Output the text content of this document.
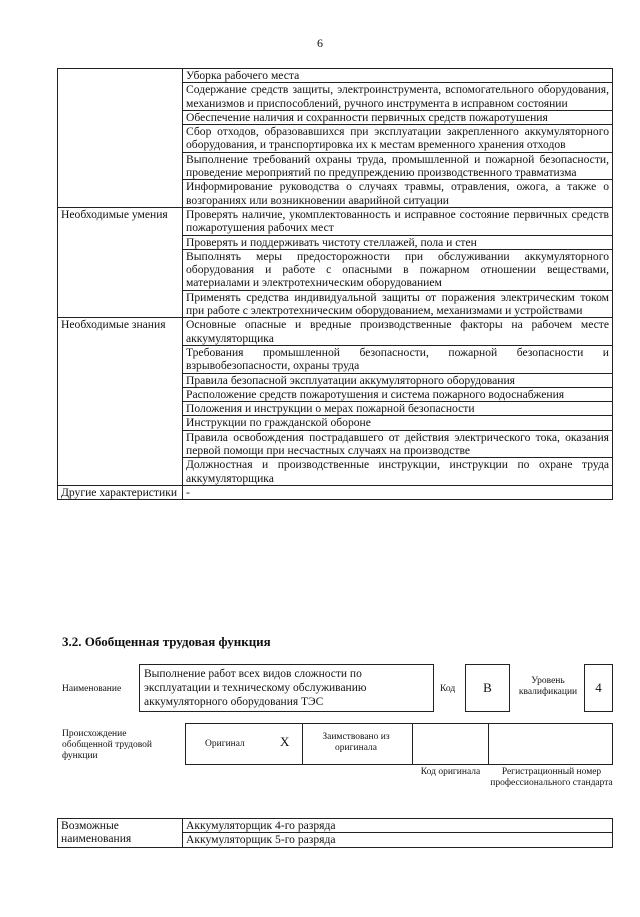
6
	Уборка рабочего места
	Содержание средств защиты, электроинструмента, вспомогательного оборудования, механизмов и приспособлений, ручного инструмента в исправном состоянии
	Обеспечение наличия и сохранности первичных средств пожаротушения
	Сбор отходов, образовавшихся при эксплуатации закрепленного аккумуляторного оборудования, и транспортировка их к местам временного хранения отходов
	Выполнение требований охраны труда, промышленной и пожарной безопасности, проведение мероприятий по предупреждению производственного травматизма
	Информирование руководства о случаях травмы, отравления, ожога, а также о возгораниях или возникновении аварийной ситуации
Необходимые умения	Проверять наличие, укомплектованность и исправное состояние первичных средств пожаротушения рабочих мест
	Проверять и поддерживать чистоту стеллажей, пола и стен
	Выполнять меры предосторожности при обслуживании аккумуляторного оборудования и работе с опасными в пожарном отношении веществами, материалами и электротехническим оборудованием
	Применять средства индивидуальной защиты от поражения электрическим током при работе с электротехническим оборудованием, механизмами и устройствами
Необходимые знания	Основные опасные и вредные производственные факторы на рабочем месте аккумуляторщика
	Требования промышленной безопасности, пожарной безопасности и взрывобезопасности, охраны труда
	Правила безопасной эксплуатации аккумуляторного оборудования
	Расположение средств пожаротушения и система пожарного водоснабжения
	Положения и инструкции о мерах пожарной безопасности
	Инструкции по гражданской обороне
	Правила освобождения пострадавшего от действия электрического тока, оказания первой помощи при несчастных случаях на производстве
	Должностная и производственные инструкции, инструкции по охране труда аккумуляторщика
Другие характеристики	-
3.2. Обобщенная трудовая функция
Наименование
Выполнение работ всех видов сложности по эксплуатации и техническому обслуживанию аккумуляторного оборудования ТЭС
Код	B	Уровень квалификации	4
Происхождение обобщенной трудовой функции
Оригинал	X	Заимствовано из оригинала
Код оригинала	Регистрационный номер профессионального стандарта
Возможные наименования	Аккумуляторщик 4-го разряда
Аккумуляторщик 5-го разряда
